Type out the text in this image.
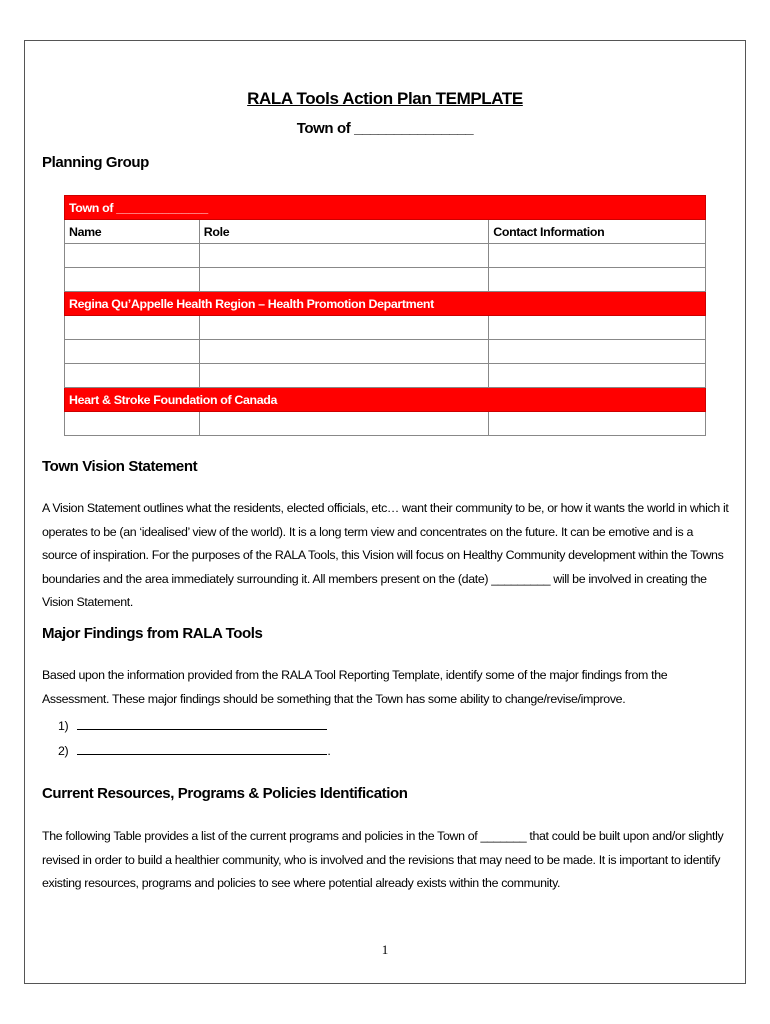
RALA Tools Action Plan TEMPLATE
Town of _______________
Planning Group
Town of ______________		
Name	Role	Contact Information

Regina Qu’Appelle Health Region – Health Promotion Department		

Heart & Stroke Foundation of Canada		

Town Vision Statement

A Vision Statement outlines what the residents, elected officials, etc… want their community to be, or how it wants the world in which it operates to be (an ‘idealised’ view of the world). It is a long term view and concentrates on the future. It can be emotive and is a source of inspiration. For the purposes of the RALA Tools, this Vision will focus on Healthy Community development within the Towns boundaries and the area immediately surrounding it. All members present on the (date) _________ will be involved in creating the Vision Statement.

Major Findings from RALA Tools

Based upon the information provided from the RALA Tool Reporting Template, identify some of the major findings from the Assessment. These major findings should be something that the Town has some ability to change/revise/improve.

1)
2)	.
Current Resources, Programs & Policies Identification

The following Table provides a list of the current programs and policies in the Town of _______ that could be built upon and/or slightly revised in order to build a healthier community, who is involved and the revisions that may need to be made. It is important to identify existing resources, programs and policies to see where potential already exists within the community.

1
